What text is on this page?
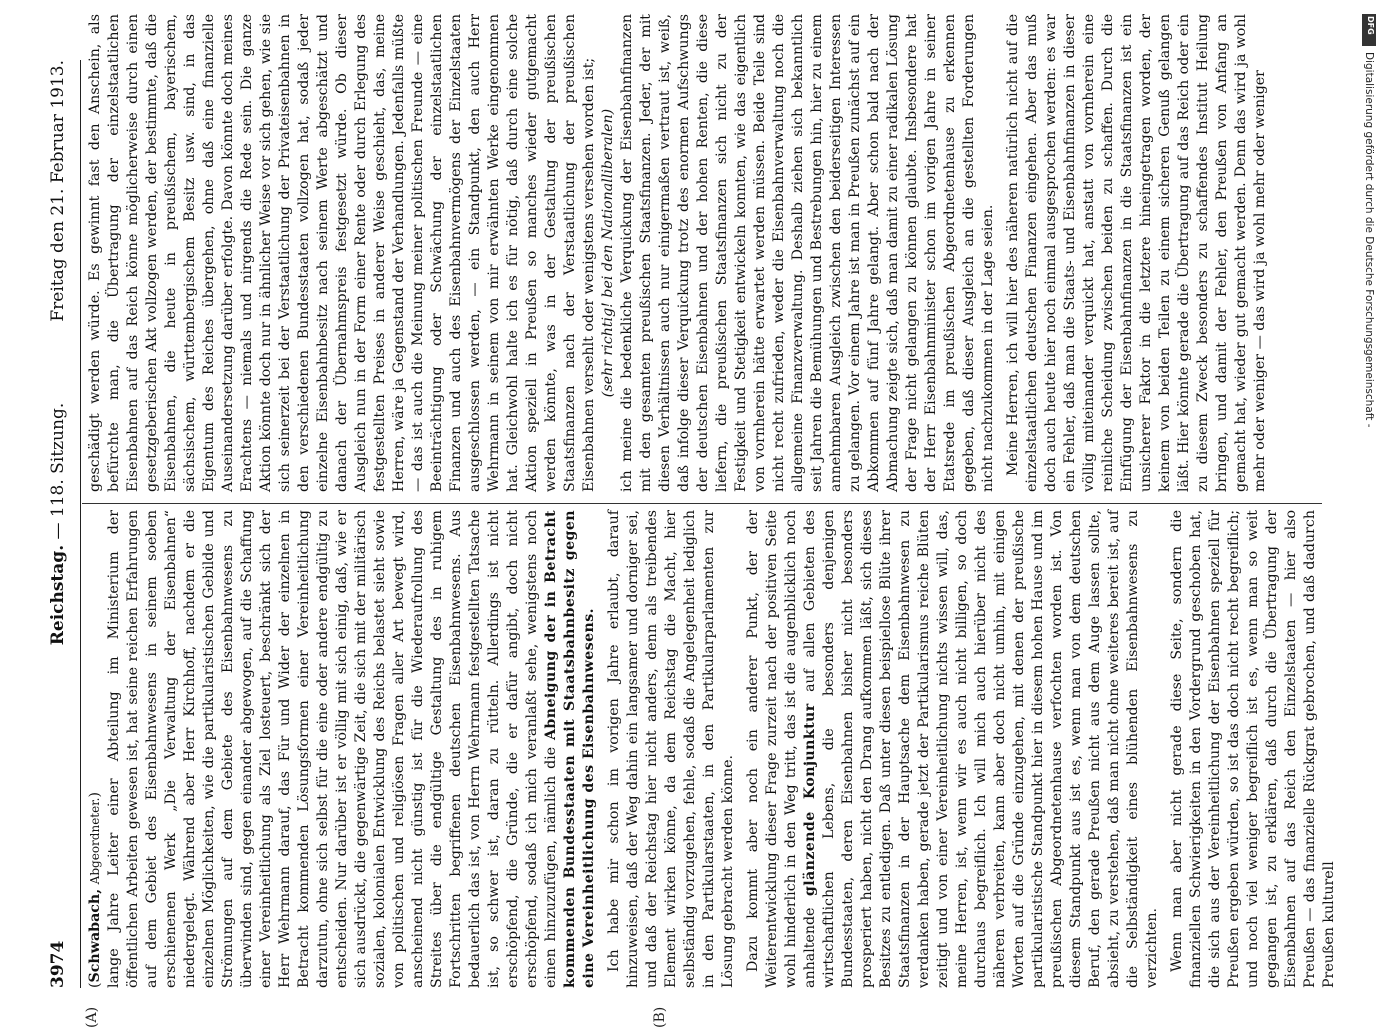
3974
Reichstag. — 118. Sitzung.
Freitag den 21. Februar 1913.
(A)	(B)

(Schwabach, Abgeordneter.) lange Jahre Leiter einer Abteilung im Ministerium der öffentlichen Arbeiten gewesen ist, hat seine reichen Erfahrungen auf dem Gebiet des Eisenbahnwesens in seinem soeben erschienenen Werk „Die Verwaltung der Eisenbahnen“ niedergelegt. Während aber Herr Kirchhoff, nachdem er die einzelnen Möglichkeiten, wie die partikularistischen Gebilde und Strömungen auf dem Gebiete des Eisenbahnwesens zu überwinden sind, gegen einander abgewogen, auf die Schaffung einer Vereinheitlichung als Ziel losteuert, beschränkt sich der Herr Wehrmann darauf, das Für und Wider der einzelnen in Betracht kommenden Lösungsformen einer Vereinheitlichung darzutun, ohne sich selbst für die eine oder andere endgültig zu entscheiden. Nur darüber ist er völlig mit sich einig, daß, wie er sich ausdrückt, die gegenwärtige Zeit, die sich mit der militärisch sozialen, kolonialen Entwicklung des Reichs belastet sieht sowie von politischen und religiösen Fragen aller Art bewegt wird, anscheinend nicht günstig ist für die Wiederaufrollung des Streites über die endgültige Gestaltung des in ruhigem Fortschritten begriffenen deutschen Eisenbahnwesens. Aus bedauerlich das ist, von Herrn Wehrmann festgestellten Tatsache ist, so schwer ist, daran zu rütteln. Allerdings ist nicht erschöpfend, die Gründe, die er dafür angibt, doch nicht erschöpfend, sodaß ich mich veranlaßt sehe, wenigstens noch einen hinzuzufügen, nämlich die Abneigung der in Betracht kommenden Bundesstaaten mit Staatsbahnbesitz gegen eine Vereinheitlichung des Eisenbahnwesens. Ich habe mir schon im vorigen Jahre erlaubt, darauf hinzuweisen, daß der Weg dahin ein langsamer und dorniger sei, und daß der Reichstag hier nicht anders, denn als treibendes Element wirken könne, da dem Reichstag die Macht, hier selbständig vorzugehen, fehle, sodaß die Angelegenheit lediglich in den Partikularstaaten, in den Partikularparlamenten zur Lösung gebracht werden könne. Dazu kommt aber noch ein anderer Punkt, der der Weiterentwicklung dieser Frage zurzeit nach der positiven Seite wohl hinderlich in den Weg tritt, das ist die augenblicklich noch anhaltende glänzende Konjunktur auf allen Gebieten des wirtschaftlichen Lebens, die besonders denjenigen Bundesstaaten, deren Eisenbahnen bisher nicht besonders prosperiert haben, nicht den Drang aufkommen läßt, sich dieses Besitzes zu entledigen. Daß unter diesen beispiellose Blüte ihrer Staatsfinanzen in der Hauptsache dem Eisenbahnwesen zu verdanken haben, gerade jetzt der Partikularismus reiche Blüten zeitigt und von einer Vereinheitlichung nichts wissen will, das, meine Herren, ist, wenn wir es auch nicht billigen, so doch durchaus begreiflich. Ich will mich auch hierüber nicht des näheren verbreiten, kann aber doch nicht umhin, mit einigen Worten auf die Gründe einzugehen, mit denen der preußische partikularistische Standpunkt hier in diesem hohen Hause und im preußischen Abgeordnetenhause verfochten worden ist. Von diesem Standpunkt aus ist es, wenn man von dem deutschen Beruf, den gerade Preußen nicht aus dem Auge lassen sollte, absieht, zu verstehen, daß man nicht ohne weiteres bereit ist, auf die Selbständigkeit eines blühenden Eisenbahnwesens zu verzichten. Wenn man aber nicht gerade diese Seite, sondern die finanziellen Schwierigkeiten in den Vordergrund geschoben hat, die sich aus der Vereinheitlichung der Eisenbahnen speziell für Preußen ergeben würden, so ist das doch nicht recht begreiflich; und noch viel weniger begreiflich ist es, wenn man so weit gegangen ist, zu erklären, daß durch die Übertragung der Eisenbahnen auf das Reich den Einzelstaaten — hier also Preußen — das finanzielle Rückgrat gebrochen, und daß dadurch Preußen kulturell

geschädigt werden würde. Es gewinnt fast den Anschein, als befürchte man, die Übertragung der einzelstaatlichen Eisenbahnen auf das Reich könne möglicherweise durch einen gesetzgeberischen Akt vollzogen werden, der bestimmte, daß die Eisenbahnen, die heute in preußischem, bayerischem, sächsischem, württembergischem Besitz usw. sind, in das Eigentum des Reiches übergehen, ohne daß eine finanzielle Auseinandersetzung darüber erfolgte. Davon könnte doch meines Erachtens — niemals und nirgends die Rede sein. Die ganze Aktion könnte doch nur in ähnlicher Weise vor sich gehen, wie sie sich seinerzeit bei der Verstaatlichung der Privateisenbahnen in den verschiedenen Bundesstaaten vollzogen hat, sodaß jeder einzelne Eisenbahnbesitz nach seinem Werte abgeschätzt und danach der Übernahmspreis festgesetzt würde. Ob dieser Ausgleich nun in der Form einer Rente oder durch Erlegung des festgestellten Preises in anderer Weise geschieht, das, meine Herren, wäre ja Gegenstand der Verhandlungen. Jedenfalls müßte — das ist auch die Meinung meiner politischen Freunde — eine Beeinträchtigung oder Schwächung der einzelstaatlichen Finanzen und auch des Eisenbahnvermögens der Einzelstaaten ausgeschlossen werden, — ein Standpunkt, den auch Herr Wehrmann in seinem von mir erwähnten Werke eingenommen hat. Gleichwohl halte ich es für nötig, daß durch eine solche Aktion speziell in Preußen so manches wieder gutgemacht werden könnte, was in der Gestaltung der preußischen Staatsfinanzen nach der Verstaatlichung der preußischen Eisenbahnen versehlt oder wenigstens versehen worden ist; (sehr richtig! bei den Nationalliberalen) ich meine die bedenkliche Verquickung der Eisenbahnfinanzen mit den gesamten preußischen Staatsfinanzen. Jeder, der mit diesen Verhältnissen auch nur einigermaßen vertraut ist, weiß, daß infolge dieser Verquickung trotz des enormen Aufschwungs der deutschen Eisenbahnen und der hohen Renten, die diese liefern, die preußischen Staatsfinanzen sich nicht zu der Festigkeit und Stetigkeit entwickeln konnten, wie das eigentlich von vornherein hätte erwartet werden müssen. Beide Teile sind nicht recht zufrieden, weder die Eisenbahnverwaltung noch die allgemeine Finanzverwaltung. Deshalb ziehen sich bekanntlich seit Jahren die Bemühungen und Bestrebungen hin, hier zu einem annehmbaren Ausgleich zwischen den beiderseitigen Interessen zu gelangen. Vor einem Jahre ist man in Preußen zunächst auf ein Abkommen auf fünf Jahre gelangt. Aber schon bald nach der Abmachung zeigte sich, daß man damit zu einer radikalen Lösung der Frage nicht gelangen zu können glaubte. Insbesondere hat der Herr Eisenbahnminister schon im vorigen Jahre in seiner Etatsrede im preußischen Abgeordnetenhause zu erkennen gegeben, daß dieser Ausgleich an die gestellten Forderungen nicht nachzukommen in der Lage seien. Meine Herren, ich will hier des näheren natürlich nicht auf die einzelstaatlichen deutschen Finanzen eingehen. Aber das muß doch auch heute hier noch einmal ausgesprochen werden: es war ein Fehler, daß man die Staats- und Eisenbahnfinanzen in dieser völlig miteinander verquickt hat, anstatt von vornherein eine reinliche Scheidung zwischen beiden zu schaffen. Durch die Einfügung der Eisenbahnfinanzen in die Staatsfinanzen ist ein unsicherer Faktor in die letztere hineingetragen worden, der keinem von beiden Teilen zu einem sicheren Genuß gelangen läßt. Hier könnte gerade die Übertragung auf das Reich oder ein zu diesem Zweck besonders zu schaffendes Institut Heilung bringen, und damit der Fehler, den Preußen von Anfang an gemacht hat, wieder gut gemacht werden. Denn das wird ja wohl mehr oder weniger — das wird ja wohl mehr oder weniger

DFG
Digitalisierung gefördert durch die Deutsche Forschungsgemeinschaft -
